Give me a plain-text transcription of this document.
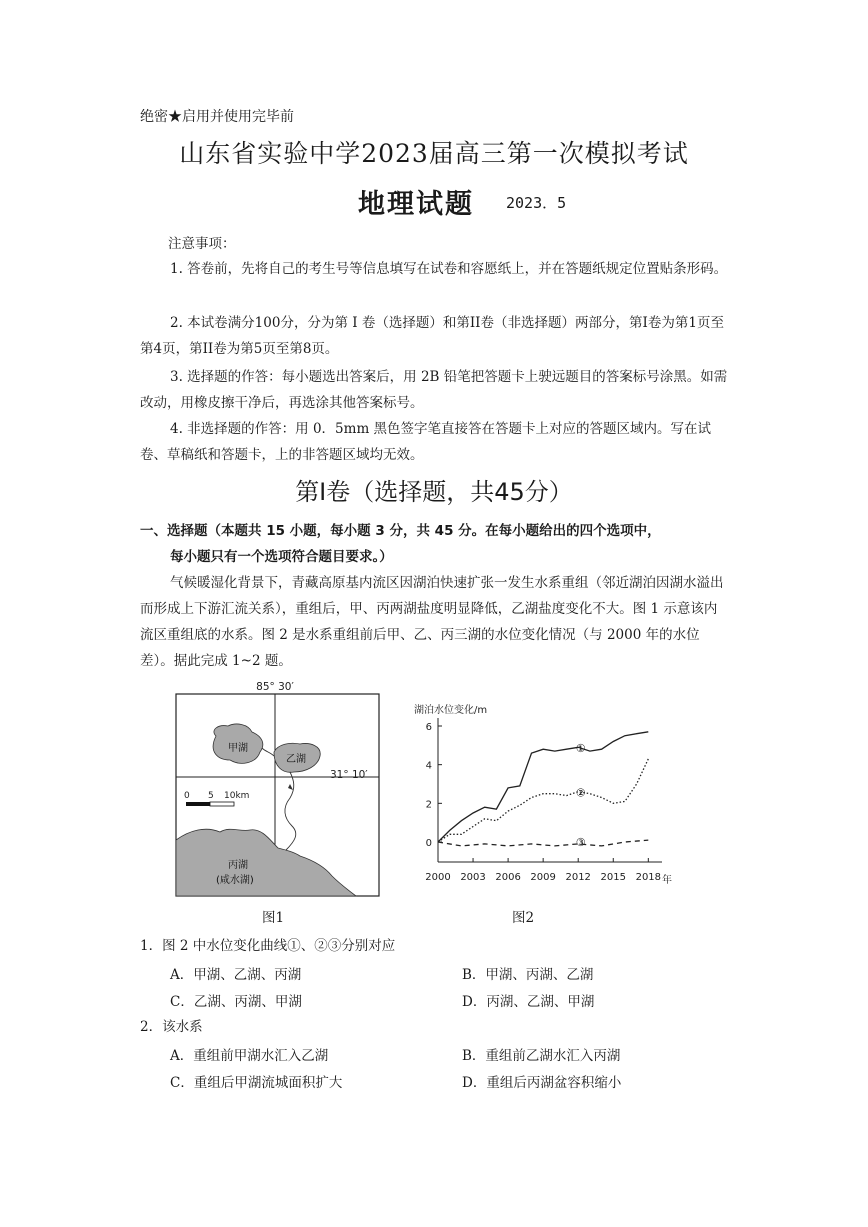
绝密★启用并使用完毕前
山东省实验中学2023届高三第一次模拟考试
地理试题 2023．5
注意事项：
1. 答卷前，先将自己的考生号等信息填写在试卷和容愿纸上，并在答题纸规定位置贴条形码。
2. 本试卷满分100分，分为第 I 卷（选择题）和第II卷（非选择题）两部分，第I卷为第1页至第4页，第II卷为第5页至第8页。
3. 选择题的作答：每小题选出答案后，用 2B 铅笔把答题卡上驶远题目的答案标号涂黑。如需改动，用橡皮擦干净后，再选涂其他答案标号。
4. 非选择题的作答：用 0．5mm 黑色签字笔直接答在答题卡上对应的答题区域内。写在试卷、草稿纸和答题卡，上的非答题区域均无效。
第I卷（选择题，共45分）
一、选择题（本题共 15 小题，每小题 3 分，共 45 分。在每小题给出的四个选项中，
每小题只有一个选项符合题目要求。）
气候暖湿化背景下，青藏高原基内流区因湖泊快速扩张一发生水系重组（邻近湖泊因湖水溢出而形成上下游汇流关系），重组后，甲、丙两湖盐度明显降低，乙湖盐度变化不大。图 1 示意该内流区重组底的水系。图 2 是水系重组前后甲、乙、丙三湖的水位变化情况（与 2000 年的水位差）。据此完成 1~2 题。
85° 30′
31° 10′
甲湖
乙湖
丙湖
(咸水湖)
0 5 10km
图1
湖泊水位变化/m
2000 2003 2006 2009 2012 2015 2018
0
2
4
6
年
①
②
③
图2
1．图 2 中水位变化曲线①、②③分别对应
A．甲湖、乙湖、丙湖	B．甲湖、丙湖、乙湖
C．乙湖、丙湖、甲湖	D．丙湖、乙湖、甲湖
2．该水系
A．重组前甲湖水汇入乙湖	B．重组前乙湖水汇入丙湖
C．重组后甲湖流城面积扩大	D．重组后丙湖盆容积缩小
